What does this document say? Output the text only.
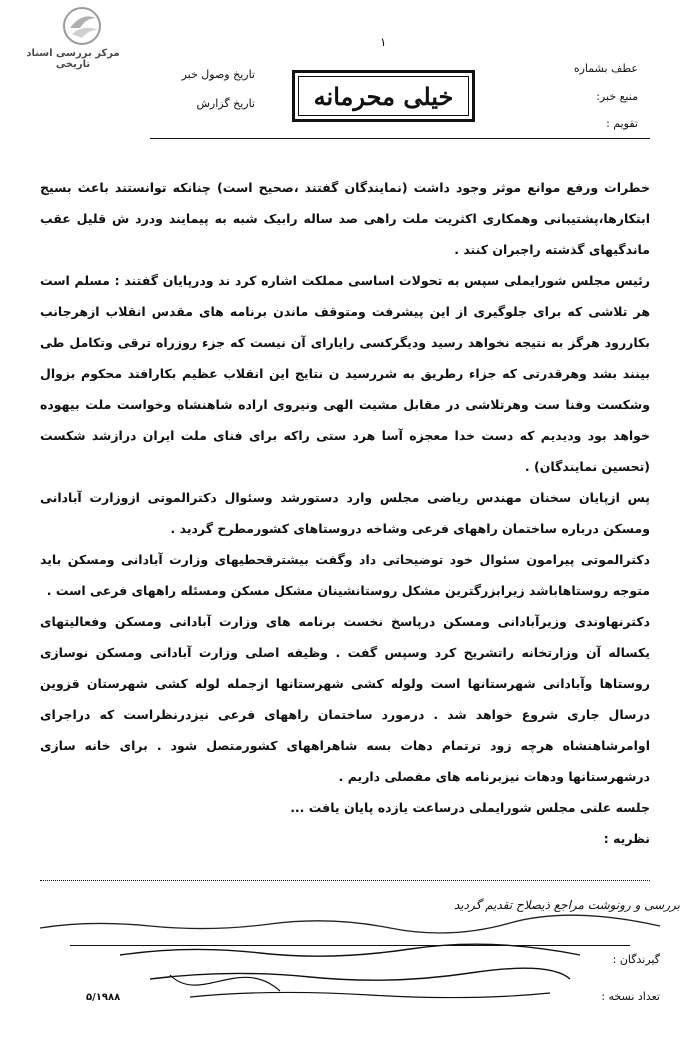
مرکز بررسی اسناد تاریخی
۱
عطف بشماره
منبع خبر:
تقویم :
تاریخ وصول خبر
تاریخ گزارش خیلی محرمانه

خطرات ورفع موانع موثر وجود داشت (نمایندگان گفتند ،صحیح است) چنانکه توانستند باعث بسیج ابتکارها،پشتیبانی وهمکاری اکثریت ملت راهی صد ساله رابیک شبه به پیمایند ودرد ش قلیل عقب ماندگیهای گذشته راجبران کنند .

رئیس مجلس شورایملی سپس به تحولات اساسی مملکت اشاره کرد ند ودرپایان گفتند : مسلم است هر تلاشی که برای جلوگیری از این پیشرفت ومتوقف ماندن برنامه های مقدس انقلاب ازهرجانب بکاررود هرگز به نتیجه نخواهد رسید ودیگرکسی رایارای آن نیست که جزء روزراه ترقی وتکامل طی بینند بشد وهرقدرتی که جزاء رطریق به شررسید ن نتایج این انقلاب عظیم بکارافتد محکوم بزوال وشکست وفنا ست وهرتلاشی در مقابل مشیت الهی ونیروی اراده شاهنشاه وخواست ملت بیهوده خواهد بود ودیدیم که دست خدا معجزه آسا هرد ستی راکه برای فنای ملت ایران درازشد شکست (تحسین نمایندگان) .

پس ازپایان سخنان مهندس ریاضی مجلس وارد دستورشد وسئوال دکترالموتی ازوزارت آبادانی ومسکن درباره ساختمان راههای فرعی وشاخه دروستاهای کشورمطرح گردید .

دکترالموتی پیرامون سئوال خود توضیحاتی داد وگفت بیشترقحطیهای وزارت آبادانی ومسکن باید متوجه روستاهاباشد زیرابزرگترین مشکل روستانشینان مشکل مسکن ومسئله راههای فرعی است .

دکترنهاوندی وزیرآبادانی ومسکن درپاسخ نخست برنامه های وزارت آبادانی ومسکن وفعالیتهای یکساله آن وزارتخانه راتشریح کرد وسپس گفت . وظیفه اصلی وزارت آبادانی ومسکن نوسازی روستاها وآبادانی شهرستانها است ولوله کشی شهرستانها ازجمله لوله کشی شهرستان قزوین درسال جاری شروع خواهد شد . درمورد ساختمان راههای فرعی نیزدرنظراست که دراجرای اوامرشاهنشاه هرچه زود ترتمام دهات بسه شاهراههای کشورمتصل شود . برای خانه سازی درشهرستانها ودهات نیزبرنامه های مفصلی داریم .

جلسه علنی مجلس شورایملی درساعت یازده پایان یافت ...

نظریه :

بررسی و رونوشت مراجع ذیصلاح تقدیم گردید
گیرندگان :
تعداد نسخه :
۵/۱۹۸۸
